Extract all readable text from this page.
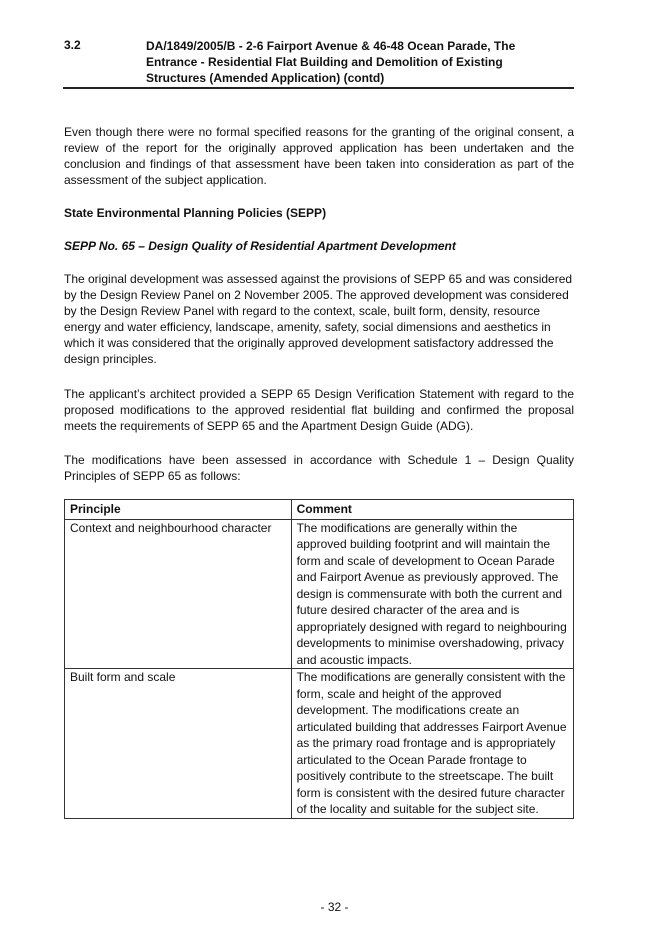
3.2	DA/1849/2005/B - 2-6 Fairport Avenue & 46-48 Ocean Parade, The Entrance - Residential Flat Building and Demolition of Existing Structures (Amended Application) (contd)

Even though there were no formal specified reasons for the granting of the original consent, a review of the report for the originally approved application has been undertaken and the conclusion and findings of that assessment have been taken into consideration as part of the assessment of the subject application.

State Environmental Planning Policies (SEPP)

SEPP No. 65 – Design Quality of Residential Apartment Development

The original development was assessed against the provisions of SEPP 65 and was considered by the Design Review Panel on 2 November 2005. The approved development was considered by the Design Review Panel with regard to the context, scale, built form, density, resource energy and water efficiency, landscape, amenity, safety, social dimensions and aesthetics in which it was considered that the originally approved development satisfactory addressed the design principles.

The applicant’s architect provided a SEPP 65 Design Verification Statement with regard to the proposed modifications to the approved residential flat building and confirmed the proposal meets the requirements of SEPP 65 and the Apartment Design Guide (ADG).

The modifications have been assessed in accordance with Schedule 1 – Design Quality Principles of SEPP 65 as follows:

Principle	Comment
Context and neighbourhood character	The modifications are generally within the approved building footprint and will maintain the form and scale of development to Ocean Parade and Fairport Avenue as previously approved. The design is commensurate with both the current and future desired character of the area and is appropriately designed with regard to neighbouring developments to minimise overshadowing, privacy and acoustic impacts.
Built form and scale	The modifications are generally consistent with the form, scale and height of the approved development. The modifications create an articulated building that addresses Fairport Avenue as the primary road frontage and is appropriately articulated to the Ocean Parade frontage to positively contribute to the streetscape. The built form is consistent with the desired future character of the locality and suitable for the subject site.
- 32 -
